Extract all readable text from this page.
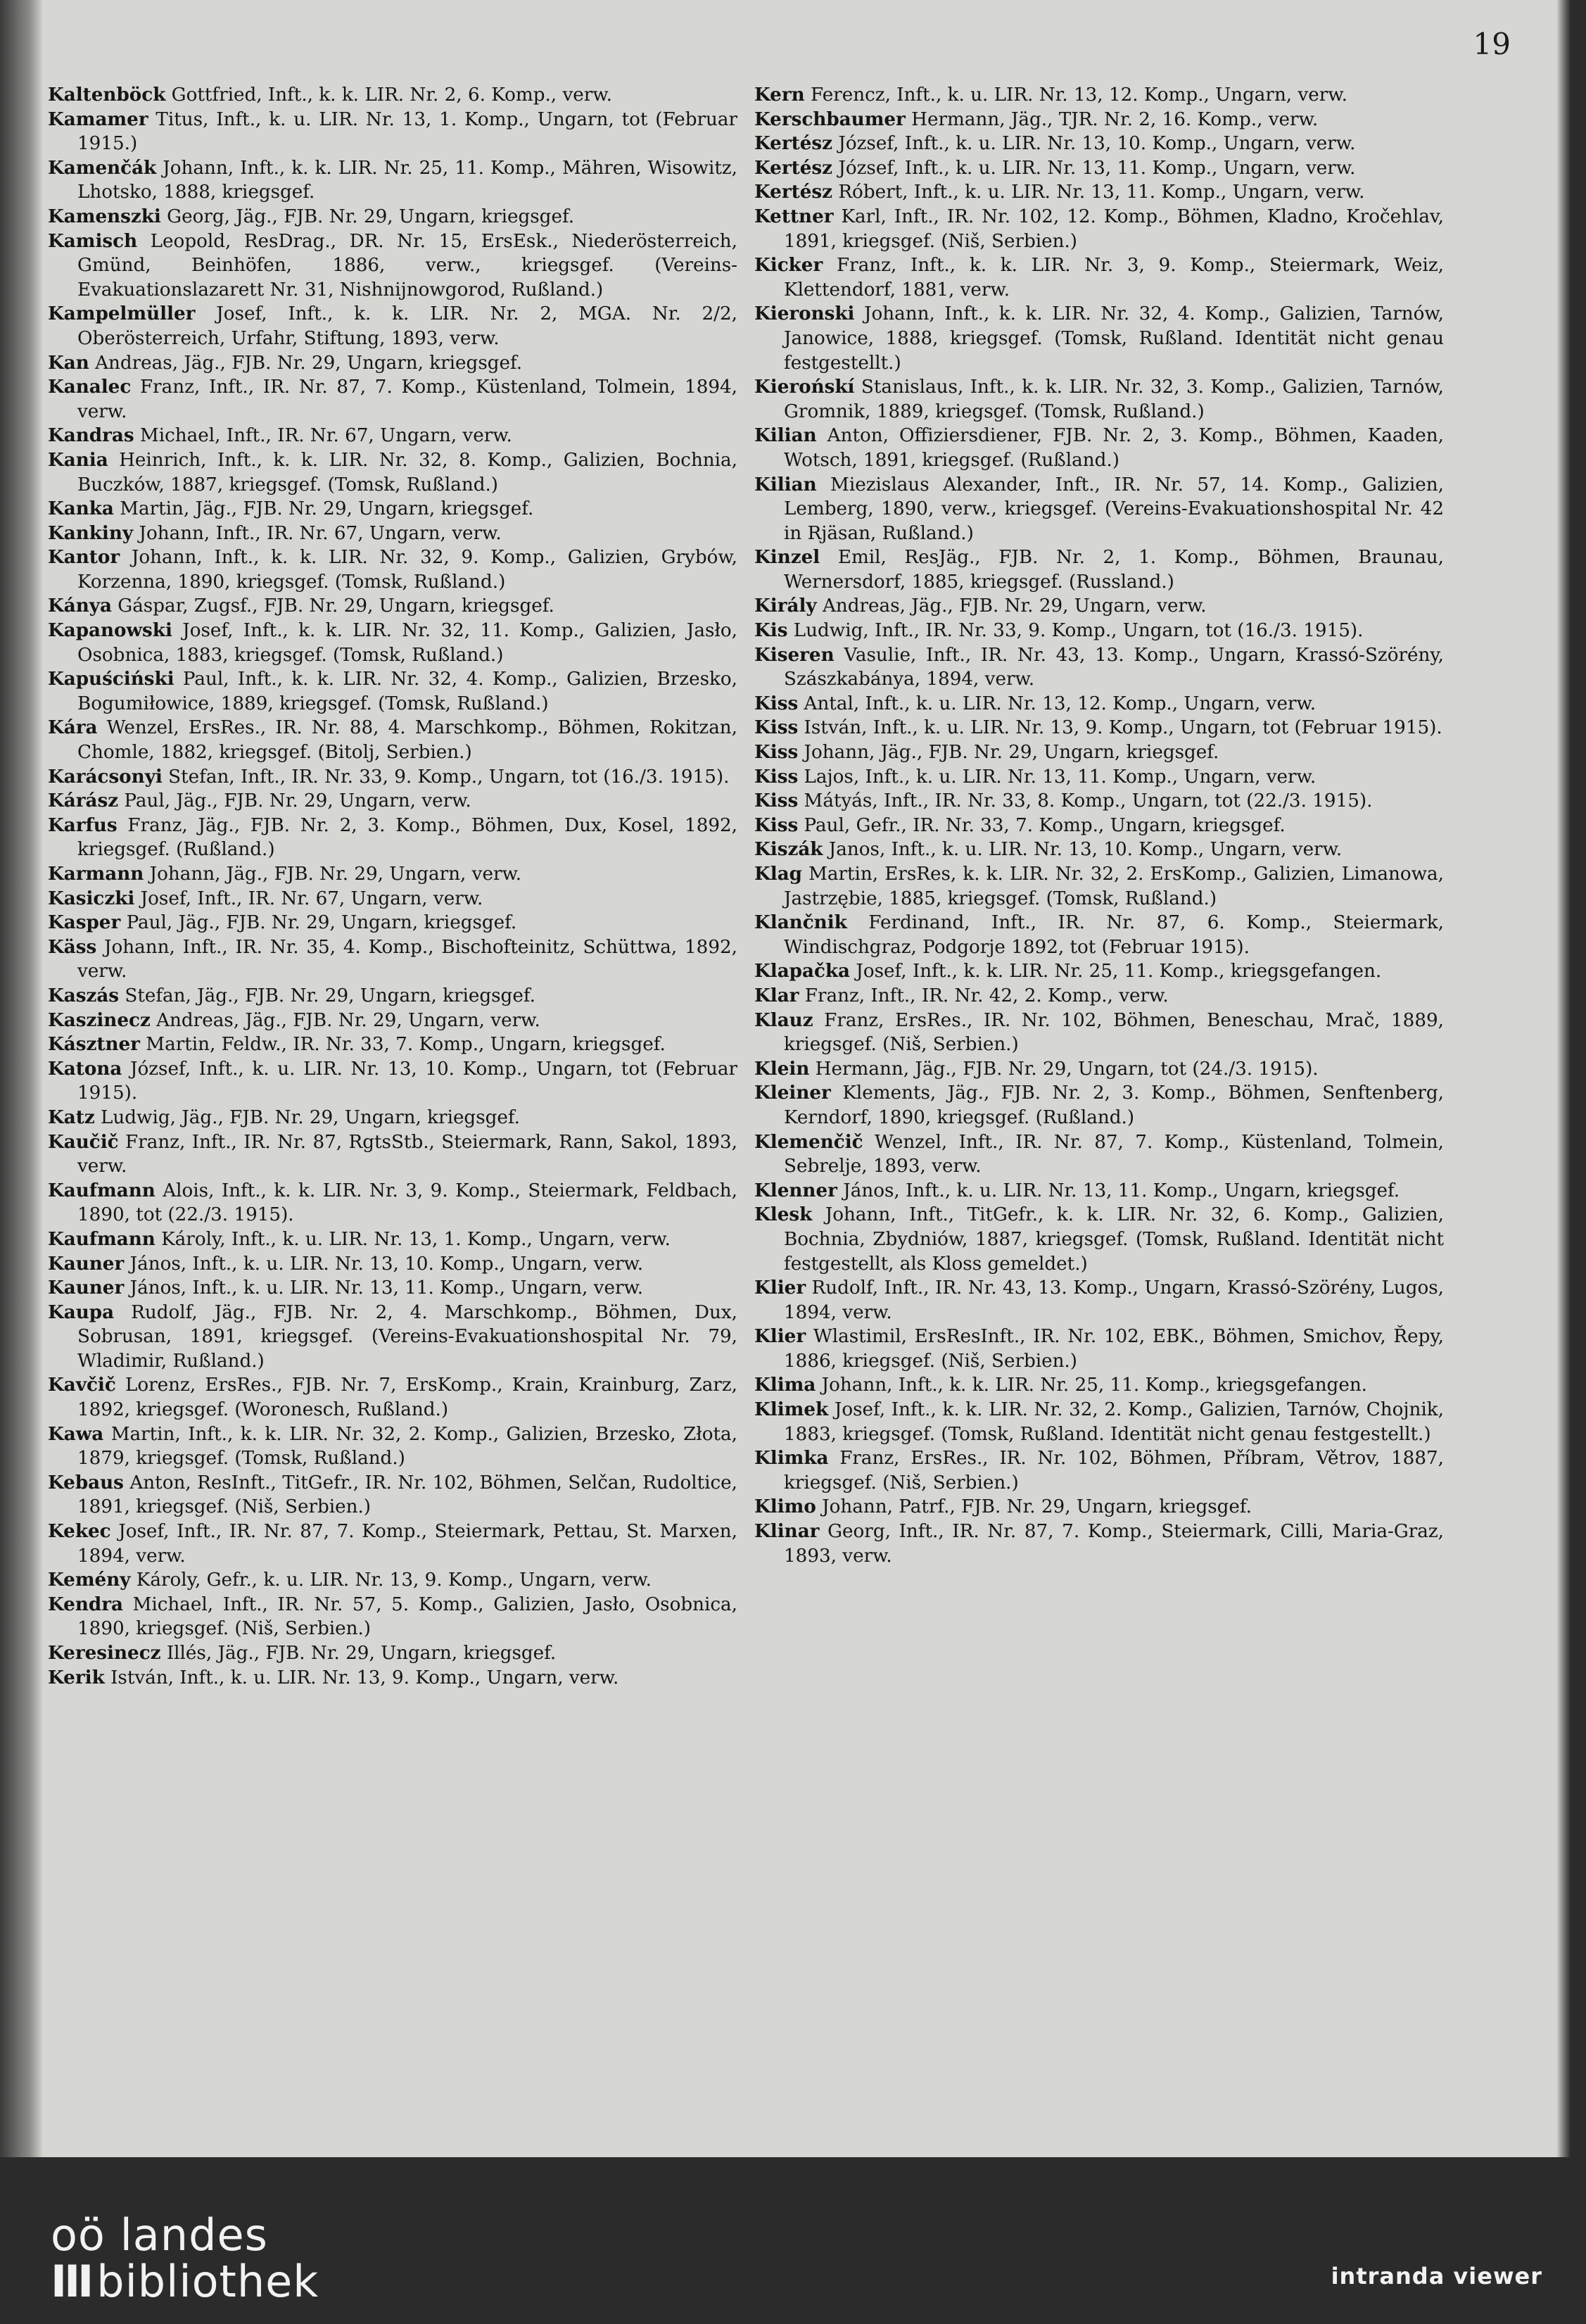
19

Kaltenböck Gottfried, Inft., k. k. LIR. Nr. 2, 6. Komp., verw.

Kamamer Titus, Inft., k. u. LIR. Nr. 13, 1. Komp., Ungarn, tot (Februar 1915.)

Kamenčák Johann, Inft., k. k. LIR. Nr. 25, 11. Komp., Mähren, Wisowitz, Lhotsko, 1888, kriegsgef.

Kamenszki Georg, Jäg., FJB. Nr. 29, Ungarn, kriegsgef.

Kamisch Leopold, ResDrag., DR. Nr. 15, ErsEsk., Niederösterreich, Gmünd, Beinhöfen, 1886, verw., kriegsgef. (Vereins-Evakuationslazarett Nr. 31, Nishnijnowgorod, Rußland.)

Kampelmüller Josef, Inft., k. k. LIR. Nr. 2, MGA. Nr. 2/2, Oberösterreich, Urfahr, Stiftung, 1893, verw.

Kan Andreas, Jäg., FJB. Nr. 29, Ungarn, kriegsgef.

Kanalec Franz, Inft., IR. Nr. 87, 7. Komp., Küstenland, Tolmein, 1894, verw.

Kandras Michael, Inft., IR. Nr. 67, Ungarn, verw.

Kania Heinrich, Inft., k. k. LIR. Nr. 32, 8. Komp., Galizien, Bochnia, Buczków, 1887, kriegsgef. (Tomsk, Rußland.)

Kanka Martin, Jäg., FJB. Nr. 29, Ungarn, kriegsgef.

Kankiny Johann, Inft., IR. Nr. 67, Ungarn, verw.

Kantor Johann, Inft., k. k. LIR. Nr. 32, 9. Komp., Galizien, Grybów, Korzenna, 1890, kriegsgef. (Tomsk, Rußland.)

Kánya Gáspar, Zugsf., FJB. Nr. 29, Ungarn, kriegsgef.

Kapanowski Josef, Inft., k. k. LIR. Nr. 32, 11. Komp., Galizien, Jasło, Osobnica, 1883, kriegsgef. (Tomsk, Rußland.)

Kapuściński Paul, Inft., k. k. LIR. Nr. 32, 4. Komp., Galizien, Brzesko, Bogumiłowice, 1889, kriegsgef. (Tomsk, Rußland.)

Kára Wenzel, ErsRes., IR. Nr. 88, 4. Marschkomp., Böhmen, Rokitzan, Chomle, 1882, kriegsgef. (Bitolj, Serbien.)

Karácsonyi Stefan, Inft., IR. Nr. 33, 9. Komp., Ungarn, tot (16./3. 1915).

Kárász Paul, Jäg., FJB. Nr. 29, Ungarn, verw.

Karfus Franz, Jäg., FJB. Nr. 2, 3. Komp., Böhmen, Dux, Kosel, 1892, kriegsgef. (Rußland.)

Karmann Johann, Jäg., FJB. Nr. 29, Ungarn, verw.

Kasiczki Josef, Inft., IR. Nr. 67, Ungarn, verw.

Kasper Paul, Jäg., FJB. Nr. 29, Ungarn, kriegsgef.

Käss Johann, Inft., IR. Nr. 35, 4. Komp., Bischofteinitz, Schüttwa, 1892, verw.

Kaszás Stefan, Jäg., FJB. Nr. 29, Ungarn, kriegsgef.

Kaszinecz Andreas, Jäg., FJB. Nr. 29, Ungarn, verw.

Kásztner Martin, Feldw., IR. Nr. 33, 7. Komp., Ungarn, kriegsgef.

Katona József, Inft., k. u. LIR. Nr. 13, 10. Komp., Ungarn, tot (Februar 1915).

Katz Ludwig, Jäg., FJB. Nr. 29, Ungarn, kriegsgef.

Kaučič Franz, Inft., IR. Nr. 87, RgtsStb., Steiermark, Rann, Sakol, 1893, verw.

Kaufmann Alois, Inft., k. k. LIR. Nr. 3, 9. Komp., Steiermark, Feldbach, 1890, tot (22./3. 1915).

Kaufmann Károly, Inft., k. u. LIR. Nr. 13, 1. Komp., Ungarn, verw.

Kauner János, Inft., k. u. LIR. Nr. 13, 10. Komp., Ungarn, verw.

Kauner János, Inft., k. u. LIR. Nr. 13, 11. Komp., Ungarn, verw.

Kaupa Rudolf, Jäg., FJB. Nr. 2, 4. Marschkomp., Böhmen, Dux, Sobrusan, 1891, kriegsgef. (Vereins-Evakuationshospital Nr. 79, Wladimir, Rußland.)

Kavčič Lorenz, ErsRes., FJB. Nr. 7, ErsKomp., Krain, Krainburg, Zarz, 1892, kriegsgef. (Woronesch, Rußland.)

Kawa Martin, Inft., k. k. LIR. Nr. 32, 2. Komp., Galizien, Brzesko, Złota, 1879, kriegsgef. (Tomsk, Rußland.)

Kebaus Anton, ResInft., TitGefr., IR. Nr. 102, Böhmen, Selčan, Rudoltice, 1891, kriegsgef. (Niš, Serbien.)

Kekec Josef, Inft., IR. Nr. 87, 7. Komp., Steiermark, Pettau, St. Marxen, 1894, verw.

Kemény Károly, Gefr., k. u. LIR. Nr. 13, 9. Komp., Ungarn, verw.

Kendra Michael, Inft., IR. Nr. 57, 5. Komp., Galizien, Jasło, Osobnica, 1890, kriegsgef. (Niš, Serbien.)

Keresinecz Illés, Jäg., FJB. Nr. 29, Ungarn, kriegsgef.

Kerik István, Inft., k. u. LIR. Nr. 13, 9. Komp., Ungarn, verw.

Kern Ferencz, Inft., k. u. LIR. Nr. 13, 12. Komp., Ungarn, verw.

Kerschbaumer Hermann, Jäg., TJR. Nr. 2, 16. Komp., verw.

Kertész József, Inft., k. u. LIR. Nr. 13, 10. Komp., Ungarn, verw.

Kertész József, Inft., k. u. LIR. Nr. 13, 11. Komp., Ungarn, verw.

Kertész Róbert, Inft., k. u. LIR. Nr. 13, 11. Komp., Ungarn, verw.

Kettner Karl, Inft., IR. Nr. 102, 12. Komp., Böhmen, Kladno, Kročehlav, 1891, kriegsgef. (Niš, Serbien.)

Kicker Franz, Inft., k. k. LIR. Nr. 3, 9. Komp., Steiermark, Weiz, Klettendorf, 1881, verw.

Kieronski Johann, Inft., k. k. LIR. Nr. 32, 4. Komp., Galizien, Tarnów, Janowice, 1888, kriegsgef. (Tomsk, Rußland. Identität nicht genau festgestellt.)

Kierońskí Stanislaus, Inft., k. k. LIR. Nr. 32, 3. Komp., Galizien, Tarnów, Gromnik, 1889, kriegsgef. (Tomsk, Rußland.)

Kilian Anton, Offiziersdiener, FJB. Nr. 2, 3. Komp., Böhmen, Kaaden, Wotsch, 1891, kriegsgef. (Rußland.)

Kilian Miezislaus Alexander, Inft., IR. Nr. 57, 14. Komp., Galizien, Lemberg, 1890, verw., kriegsgef. (Vereins-Evakuationshospital Nr. 42 in Rjäsan, Rußland.)

Kinzel Emil, ResJäg., FJB. Nr. 2, 1. Komp., Böhmen, Braunau, Wernersdorf, 1885, kriegsgef. (Russland.)

Király Andreas, Jäg., FJB. Nr. 29, Ungarn, verw.

Kis Ludwig, Inft., IR. Nr. 33, 9. Komp., Ungarn, tot (16./3. 1915).

Kiseren Vasulie, Inft., IR. Nr. 43, 13. Komp., Ungarn, Krassó-Szörény, Szászkabánya, 1894, verw.

Kiss Antal, Inft., k. u. LIR. Nr. 13, 12. Komp., Ungarn, verw.

Kiss István, Inft., k. u. LIR. Nr. 13, 9. Komp., Ungarn, tot (Februar 1915).

Kiss Johann, Jäg., FJB. Nr. 29, Ungarn, kriegsgef.

Kiss Lajos, Inft., k. u. LIR. Nr. 13, 11. Komp., Ungarn, verw.

Kiss Mátyás, Inft., IR. Nr. 33, 8. Komp., Ungarn, tot (22./3. 1915).

Kiss Paul, Gefr., IR. Nr. 33, 7. Komp., Ungarn, kriegsgef.

Kiszák Janos, Inft., k. u. LIR. Nr. 13, 10. Komp., Ungarn, verw.

Klag Martin, ErsRes, k. k. LIR. Nr. 32, 2. ErsKomp., Galizien, Limanowa, Jastrzębie, 1885, kriegsgef. (Tomsk, Rußland.)

Klančnik Ferdinand, Inft., IR. Nr. 87, 6. Komp., Steiermark, Windischgraz, Podgorje 1892, tot (Februar 1915).

Klapačka Josef, Inft., k. k. LIR. Nr. 25, 11. Komp., kriegsgefangen.

Klar Franz, Inft., IR. Nr. 42, 2. Komp., verw.

Klauz Franz, ErsRes., IR. Nr. 102, Böhmen, Beneschau, Mrač, 1889, kriegsgef. (Niš, Serbien.)

Klein Hermann, Jäg., FJB. Nr. 29, Ungarn, tot (24./3. 1915).

Kleiner Klements, Jäg., FJB. Nr. 2, 3. Komp., Böhmen, Senftenberg, Kerndorf, 1890, kriegsgef. (Rußland.)

Klemenčič Wenzel, Inft., IR. Nr. 87, 7. Komp., Küstenland, Tolmein, Sebrelje, 1893, verw.

Klenner János, Inft., k. u. LIR. Nr. 13, 11. Komp., Ungarn, kriegsgef.

Klesk Johann, Inft., TitGefr., k. k. LIR. Nr. 32, 6. Komp., Galizien, Bochnia, Zbydniów, 1887, kriegsgef. (Tomsk, Rußland. Identität nicht festgestellt, als Kloss gemeldet.)

Klier Rudolf, Inft., IR. Nr. 43, 13. Komp., Ungarn, Krassó-Szörény, Lugos, 1894, verw.

Klier Wlastimil, ErsResInft., IR. Nr. 102, EBK., Böhmen, Smichov, Řepy, 1886, kriegsgef. (Niš, Serbien.)

Klima Johann, Inft., k. k. LIR. Nr. 25, 11. Komp., kriegsgefangen.

Klimek Josef, Inft., k. k. LIR. Nr. 32, 2. Komp., Galizien, Tarnów, Chojnik, 1883, kriegsgef. (Tomsk, Rußland. Identität nicht genau festgestellt.)

Klimka Franz, ErsRes., IR. Nr. 102, Böhmen, Příbram, Větrov, 1887, kriegsgef. (Niš, Serbien.)

Klimo Johann, Patrf., FJB. Nr. 29, Ungarn, kriegsgef.

Klinar Georg, Inft., IR. Nr. 87, 7. Komp., Steiermark, Cilli, Maria-Graz, 1893, verw.

oö landes
III bibliothek	intranda viewer
